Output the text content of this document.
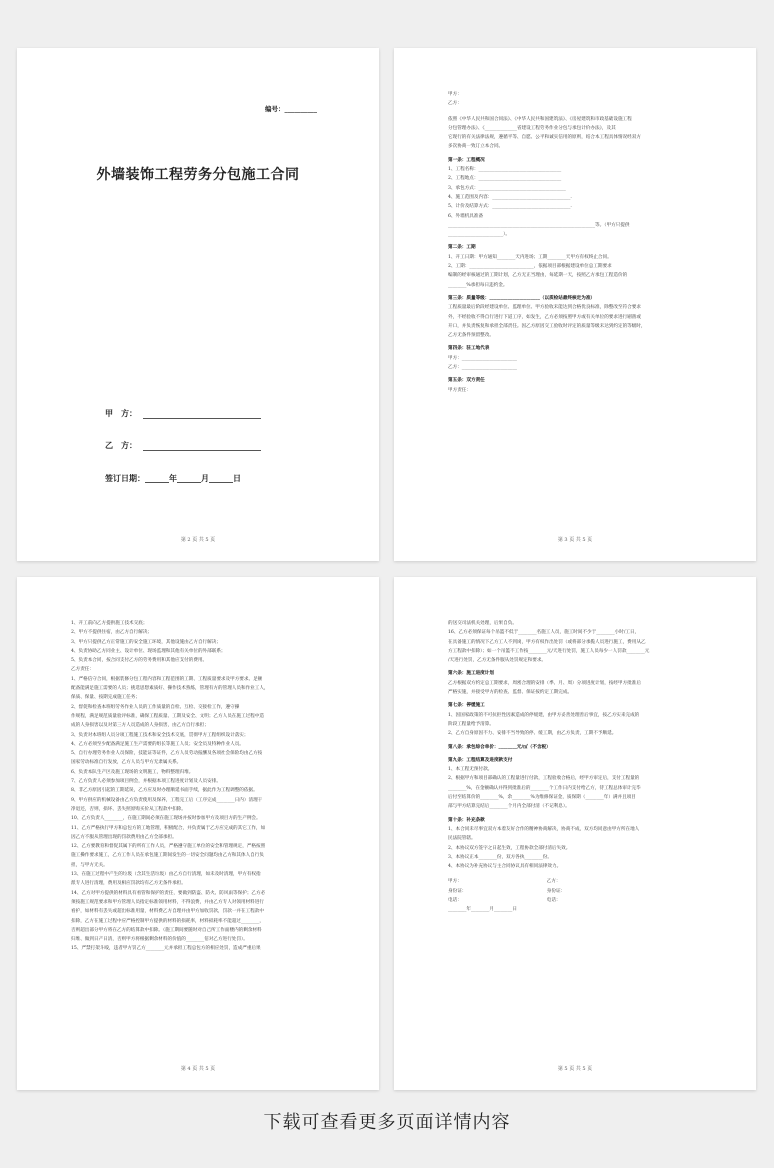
编号：__________
外墙装饰工程劳务分包施工合同
甲　方：
乙　方：
签订日期：______年______月______日
第 2 页 共 5 页
甲方：
乙方：
依照《中华人民共和国合同法》、《中华人民共和国建筑法》、《房屋建筑和市政基础设施工程
分包管理办法》、《______________省建设工程劳务作业分包与承包计价办法》，及其
它现行的有关法律法规，遵循平等、自愿、公平和诚实信用的原则，结合本工程具体情况经双方
多次协商一致订立本合同。
第一条：工程概况
1、工程名称：____________________________________
2、工程地点：____________________________________
3、承包方式：______________________________________
4、施工范围及内容：__________________________________.
5、计价及结算方式：__________________________________.
6、外墙机具准备
________________________________________________________________等。（甲方只提供
________________________）。
第二条：工期
1、开工日期：甲方通知________天内进场；工期________天甲方有权终止合同。
2、工期：____________________________，依据项目部根据建设单位总工期要求
编制的经审核通过的工期计划，乙方无正当理由，每延期一天，按照乙方承包工程造价的
________%承担每日违约金。
第三条：质量等级：______________________（以质检站最终核定为准）
工程质量最后阶段经建设单位、监理单位、甲方验收未能达到合格优良标准，除整改至符合要求
外，不经验收不得自行进行下道工序，如发生，乙方必须按照甲方或有关单位的要求进行剔凿或
开口，并负责恢复和承担全部责任。因乙方原因交工验收时评定的质量等级未达到约定的等级时，
乙方无条件预留整改。
第四条：驻工地代表
甲方：________________________
乙方：________________________
第五条：双方责任
甲方责任：
第 3 页 共 5 页
1、开工前向乙方提供施工技术交底；
2、甲方不提供住宿，由乙方自行解决；
3、甲方只提供乙方正常施工的安全施工环境，其他设施由乙方自行解决；
4、负责协助乙方同业主、设计单位、现场监理和其他有关单位的外部联系；
5、负责本合同，按合同支付乙方的劳务费用和其他应支付的费用。
乙方责任：
1、严格信守合同，根据装修分包工程内容和工程范围的工期、工程质量要求及甲方要求。足额
配备能满足施工需要的人员；挑选思想素质好、操作技术熟练，管理有方的管理人员和作业工人，
保质、保量、按期完成施工任务；
2、督促和检查本班组劳务作业人员的工作质量的自检、互检、交接检工作，遵守操
作规程，满足规范质量验评标准，确保工程质量、工期及安全、文明；乙方人员在施工过程中造
成的人身损害以及对第三方人员造成的人身损害，由乙方自行承担；
3、负责对本班组人员分项工程施工技术和安全技术交底，贯彻甲方工程组织设计落实；
4、乙方必须至少配备满足施工生产需要的组长等施工人员；安全员及特种作业人员。
5、自行办理劳务作业人员保险，技能证等证件，乙方人员劳动报酬及各项社会保险均由乙方按
国家劳动标准自行发放，乙方人员与甲方无隶属关系。
6、负责本队生产区及施工现场的文明施工，物料整理归堆。
7、乙方负责人必须参加项目例会，并根据本项工程进度计划及人员安排。
8、非乙方原因引起的工期延误，乙方应及时办理顺延书面手续，据此作为工程调整的依据。
9、甲方供应的机械设备由乙方负责使用及保养，工程完工后（工序完成________日内）清理干
净退还，否则，损坏、丢失照原购买价从工程款中扣除。
10、乙方负责人________，在施工期间必须在施工现场并按时参加甲方及项目方的生产例会。
11、乙方严格执行甲方和总包方的工地管理，积极配合，并负责属于乙方应完成的其它工作，如
因乙方不服从管理出现的罚款费用由乙方全部承担。
12、乙方要教育和督促其属下的所有工作人员，严格遵守施工单位的安全和管理规定，严格按照
施工操作要求施工，乙方工作人员在承包施工期间发生的一切安全问题均由乙方和其体人自行负
担，与甲方无关。
13、在施工过程中产生的垃圾（含其生活垃圾）由乙方自行清理，如未及时清理，甲方有权指
派专人进行清理，费用及相应罚款均有乙方无条件承担。
14、乙方对甲方提供的材料具有看管和保护的责任，要做到防盗、防火、防风雨等保护；乙方必
须按施工规范要求和甲方管理人员指定标准领用材料，不得浪费，并由乙方专人对领用材料进行
看护，如材料有丢失或超出标准用量，材料费乙方自理并由甲方加收罚款，罚款一并在工程款中
扣除，乙方在施工过程中应严格控制甲方提供的材料的损耗率，材料损耗率不能超过________，
否则超出部分甲方将在乙方的结算款中扣除。（施工期间要随时对自己所工作面楼内的剩余材料
归堆、做到日产日清，否则甲方将根据剩余材料的价值的________倍对乙方进行处罚）。
15、严禁打架斗殴，违者甲方罚乙方________元并承担工程总包方的相应处罚，造成严重后果
第 4 页 共 5 页
的送交司法机关处理，后果自负。
16、乙方必须保证每个吊篮不低于________名施工人员，施工时间不少于________小时/工日，
在具备施工的情况下乙方工人不到岗，甲方有权作出处罚（或将部分承揽人员进行施工，费用从乙
方工程款中扣除）；如一个吊篮不工作按________元/天进行处罚，施工人员每少一人罚款________元
/天进行处罚，乙方无条件服从处罚规定和要求。
第六条：施工进度计划
乙方根据双方约定总工期要求，周密合理的安排（季、月、周）分项进度计划，按经甲方批准后
严格实施，并接受甲方的检查、监督、保证按约定工期完成。
第七条：停缓施工
1、因国家政策的不可抗拒性因素造成的停缓建，由甲方妥善处理善后事宜，按乙方实来完成的
阶段工程量给予清算。
2、乙方自身原因不力、安排不当导致的停、缓工期，由乙方负责，工期不予顺延。
第八条：承包综合单价：________元/㎡（不含税）
第九条：工程结算及进度款支付
1、本工程无预付款。
2、根据甲方和项目部确认的工程量进行付款，工程验收合格后，经甲方审定后，支付工程量的
________%，在金额确认并得到批准后的________个工作日内支付给乙方，待工程总体审计完毕
后付至结算价的________%，余________%为维修保证金，质保期（________年）满并且项目
部与甲方结算完结后________个月内全部付清（不记利息）。
第十条：补充条款
1、本合同未尽事宜双方本着友好合作的精神协商解决，协商不成，双方均同意由甲方所在地人
民法院管辖。
2、本协议双方签字之日起生效，工程协款全部付清后失效。
3、本协议正本________份，双方各执________份。
4、本协议为补充协议与主合同协议具有相同法律效力。
甲方：　　　　　　　　　　　　　　　　　　　乙方：
身份证：　　　　　　　　　　　　　　　　　　身份证：
电话：　　　　　　　　　　　　　　　　　　　电话：
________年________月________日
第 5 页 共 5 页
下载可查看更多页面详情内容
